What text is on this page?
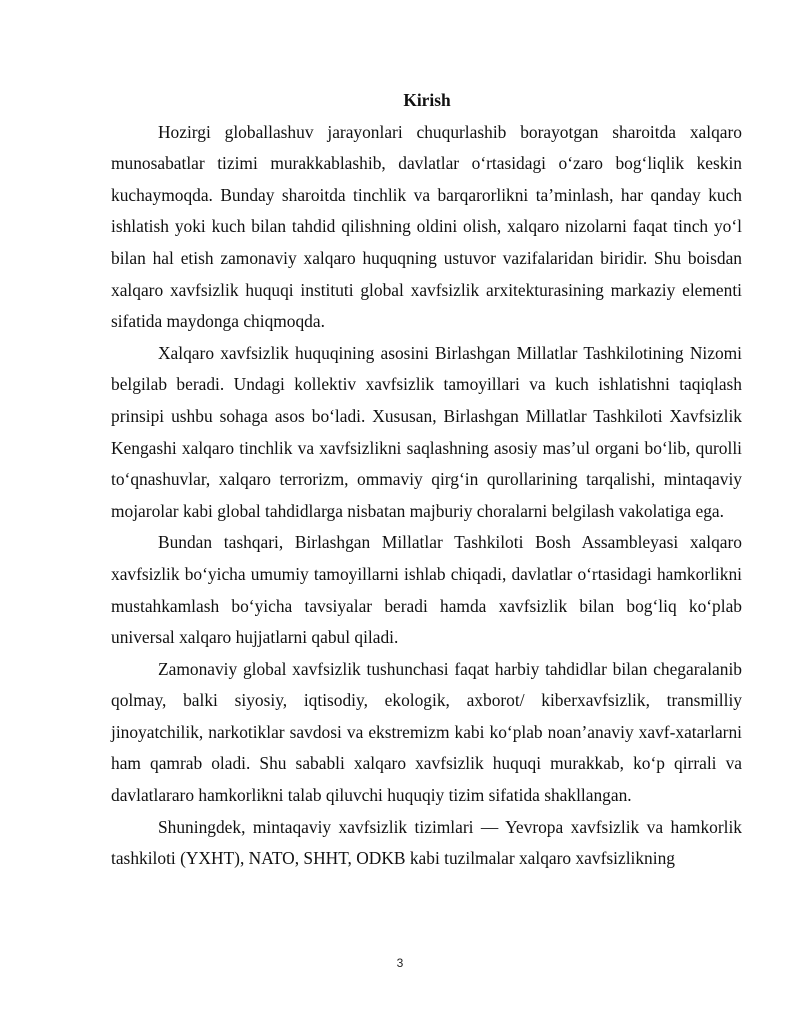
Kirish

Hozirgi globallashuv jarayonlari chuqurlashib borayotgan sharoitda xalqaro munosabatlar tizimi murakkablashib, davlatlar o‘rtasidagi o‘zaro bog‘liqlik keskin kuchaymoqda. Bunday sharoitda tinchlik va barqarorlikni ta’minlash, har qanday kuch ishlatish yoki kuch bilan tahdid qilishning oldini olish, xalqaro nizolarni faqat tinch yo‘l bilan hal etish zamonaviy xalqaro huquqning ustuvor vazifalaridan biridir. Shu boisdan xalqaro xavfsizlik huquqi instituti global xavfsizlik arxitekturasining markaziy elementi sifatida maydonga chiqmoqda.

Xalqaro xavfsizlik huquqining asosini Birlashgan Millatlar Tashkilotining Nizomi belgilab beradi. Undagi kollektiv xavfsizlik tamoyillari va kuch ishlatishni taqiqlash prinsipi ushbu sohaga asos bo‘ladi. Xususan, Birlashgan Millatlar Tashkiloti Xavfsizlik Kengashi xalqaro tinchlik va xavfsizlikni saqlashning asosiy mas’ul organi bo‘lib, qurolli to‘qnashuvlar, xalqaro terrorizm, ommaviy qirg‘in qurollarining tarqalishi, mintaqaviy mojarolar kabi global tahdidlarga nisbatan majburiy choralarni belgilash vakolatiga ega.

Bundan tashqari, Birlashgan Millatlar Tashkiloti Bosh Assambleyasi xalqaro xavfsizlik bo‘yicha umumiy tamoyillarni ishlab chiqadi, davlatlar o‘rtasidagi hamkorlikni mustahkamlash bo‘yicha tavsiyalar beradi hamda xavfsizlik bilan bog‘liq ko‘plab universal xalqaro hujjatlarni qabul qiladi.

Zamonaviy global xavfsizlik tushunchasi faqat harbiy tahdidlar bilan chegaralanib qolmay, balki siyosiy, iqtisodiy, ekologik, axborot/ kiberxavfsizlik, transmilliy jinoyatchilik, narkotiklar savdosi va ekstremizm kabi ko‘plab noan’anaviy xavf-xatarlarni ham qamrab oladi. Shu sababli xalqaro xavfsizlik huquqi murakkab, ko‘p qirrali va davlatlararo hamkorlikni talab qiluvchi huquqiy tizim sifatida shakllangan.

Shuningdek, mintaqaviy xavfsizlik tizimlari — Yevropa xavfsizlik va hamkorlik tashkiloti (YXHT), NATO, SHHT, ODKB kabi tuzilmalar xalqaro xavfsizlikning

3
